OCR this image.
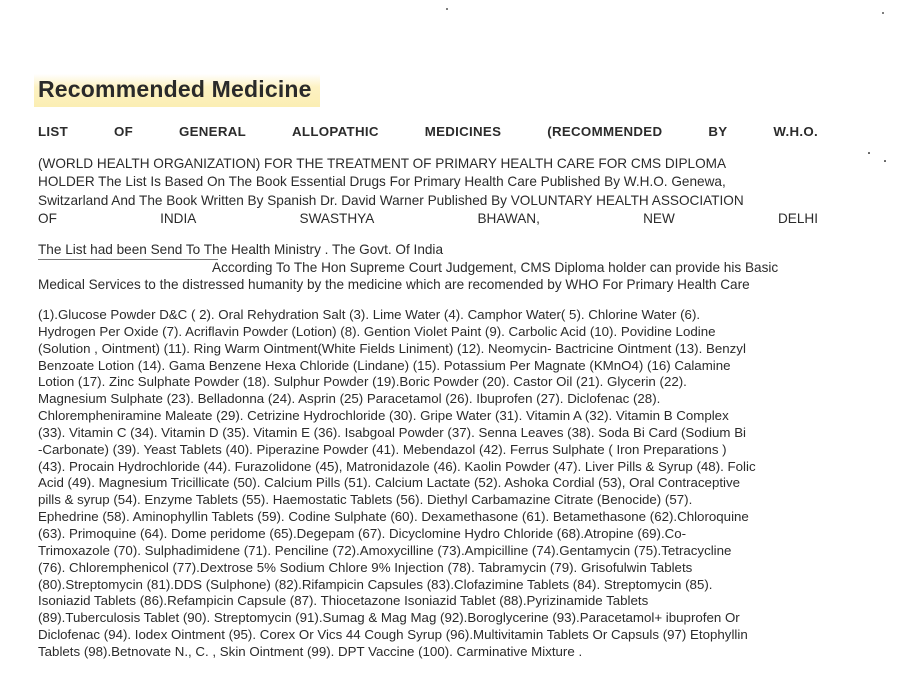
Recommended Medicine
LIST	OF	GENERAL	ALLOPATHIC	MEDICINES	(RECOMMENDED	BY	W.H.O.
(WORLD HEALTH ORGANIZATION) FOR THE TREATMENT OF PRIMARY HEALTH CARE FOR CMS DIPLOMA
HOLDER The List Is Based On The Book Essential Drugs For Primary Health Care Published By W.H.O. Genewa,
Switzarland And The Book Written By Spanish Dr. David Warner Published By VOLUNTARY HEALTH ASSOCIATION
OF	INDIA	SWASTHYA	BHAWAN,	NEW	DELHI
The List had been Send To The Health Ministry . The Govt. Of India
According To The Hon Supreme Court Judgement, CMS Diploma holder can provide his Basic
Medical Services to the distressed humanity by the medicine which are recomended by WHO For Primary Health Care
(1).Glucose Powder D&C ( 2). Oral Rehydration Salt (3). Lime Water (4). Camphor Water( 5). Chlorine Water (6).
Hydrogen Per Oxide (7). Acriflavin Powder (Lotion) (8). Gention Violet Paint (9). Carbolic Acid (10). Povidine Lodine
(Solution , Ointment) (11). Ring Warm Ointment(White Fields Liniment) (12). Neomycin- Bactricine Ointment (13). Benzyl
Benzoate Lotion (14). Gama Benzene Hexa Chloride (Lindane) (15). Potassium Per Magnate (KMnO4) (16) Calamine
Lotion (17). Zinc Sulphate Powder (18). Sulphur Powder (19).Boric Powder (20). Castor Oil (21). Glycerin (22).
Magnesium Sulphate (23). Belladonna (24). Asprin (25) Paracetamol (26). Ibuprofen (27). Diclofenac (28).
Chlorempheniramine Maleate (29). Cetrizine Hydrochloride (30). Gripe Water (31). Vitamin A (32). Vitamin B Complex
(33). Vitamin C (34). Vitamin D (35). Vitamin E (36). Isabgoal Powder (37). Senna Leaves (38). Soda Bi Card (Sodium Bi
-Carbonate) (39). Yeast Tablets (40). Piperazine Powder (41). Mebendazol (42). Ferrus Sulphate ( Iron Preparations )
(43). Procain Hydrochloride (44). Furazolidone (45), Matronidazole (46). Kaolin Powder (47). Liver Pills & Syrup (48). Folic
Acid (49). Magnesium Tricillicate (50). Calcium Pills (51). Calcium Lactate (52). Ashoka Cordial (53), Oral Contraceptive
pills & syrup (54). Enzyme Tablets (55). Haemostatic Tablets (56). Diethyl Carbamazine Citrate (Benocide) (57).
Ephedrine (58). Aminophyllin Tablets (59). Codine Sulphate (60). Dexamethasone (61). Betamethasone (62).Chloroquine
(63). Primoquine (64). Dome peridome (65).Degepam (67). Dicyclomine Hydro Chloride (68).Atropine (69).Co-
Trimoxazole (70). Sulphadimidene (71). Penciline (72).Amoxycilline (73).Ampicilline (74).Gentamycin (75).Tetracycline
(76). Chloremphenicol (77).Dextrose 5% Sodium Chlore 9% Injection (78). Tabramycin (79). Grisofulwin Tablets
(80).Streptomycin (81).DDS (Sulphone) (82).Rifampicin Capsules (83).Clofazimine Tablets (84). Streptomycin (85).
Isoniazid Tablets (86).Refampicin Capsule (87). Thiocetazone Isoniazid Tablet (88).Pyrizinamide Tablets
(89).Tuberculosis Tablet (90). Streptomycin (91).Sumag & Mag Mag (92).Boroglycerine (93).Paracetamol+ ibuprofen Or
Diclofenac (94). Iodex Ointment (95). Corex Or Vics 44 Cough Syrup (96).Multivitamin Tablets Or Capsuls (97) Etophyllin
Tablets (98).Betnovate N., C. , Skin Ointment (99). DPT Vaccine (100). Carminative Mixture .
